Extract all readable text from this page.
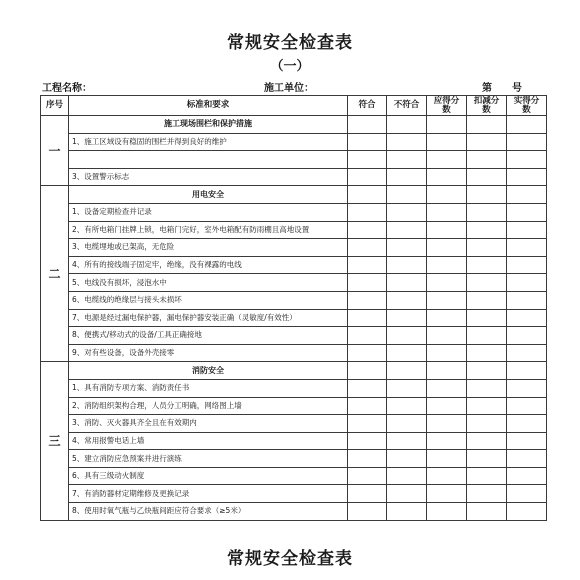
常规安全检查表
（一）
工程名称：	施工单位：	第 号
序号	标准和要求	符合	不符合	应得分数	扣减分数	实得分数
一	施工现场围栏和保护措施					
	1、施工区域设有稳固的围栏并得到良好的维护					

	3、设置警示标志					
二	用电安全					
	1、设备定期检查并记录					
	2、有所电箱门挂牌上锁，电箱门完好，室外电箱配有防雨棚且高地设置					
	3、电缆埋地或已架高，无危险					
	4、所有的接线端子固定牢，绝缘，没有裸露的电线					
	5、电线没有损坏，浸泡水中					
	6、电缆线的绝缘层与接头未损坏					
	7、电源是经过漏电保护器，漏电保护器安装正确（灵敏度/有效性）					
	8、便携式/移动式的设备/工具正确接地					
	9、对有些设备，设备外壳接零					
三	消防安全					
	1、具有消防专项方案、消防责任书					
	2、消防组织架构合理，人员分工明确，网络图上墙					
	3、消防、灭火器具齐全且在有效期内					
	4、常用报警电话上墙					
	5、建立消防应急预案并进行演练					
	6、具有三级动火制度					
	7、有消防器材定期维修及更换记录					
	8、使用时氧气瓶与乙炔瓶间距应符合要求（≥5米）					
常规安全检查表
